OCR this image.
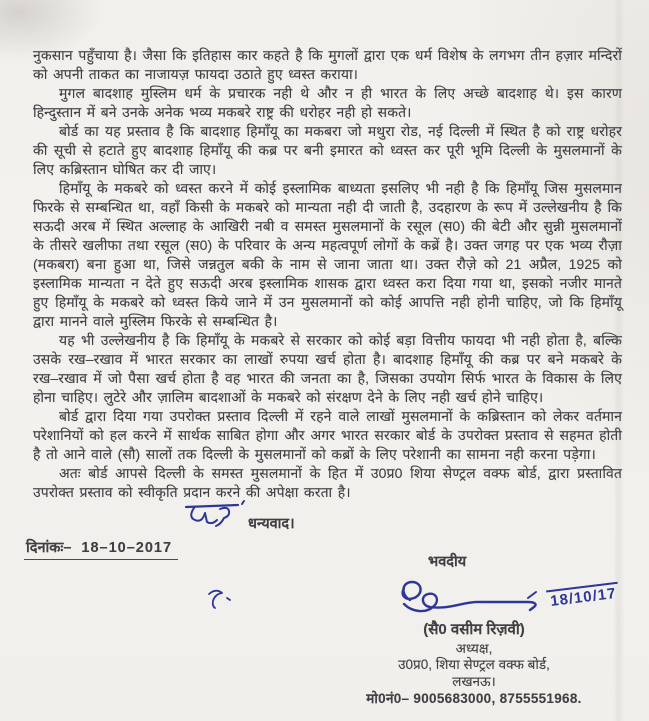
नुकसान पहुँचाया है। जैसा कि इतिहास कार कहते है कि मुगलों द्वारा एक धर्म विशेष के लगभग तीन हज़ार मन्दिरों को अपनी ताकत का नाजायज़ फायदा उठाते हुए ध्वस्त कराया।

मुगल बादशाह मुस्लिम धर्म के प्रचारक नही थे और न ही भारत के लिए अच्छे बादशाह थे। इस कारण हिन्दुस्तान में बने उनके अनेक भव्य मकबरे राष्ट्र की धरोहर नही हो सकते।

बोर्ड का यह प्रस्ताव है कि बादशाह हिमाँयू का मकबरा जो मथुरा रोड, नई दिल्ली में स्थित है को राष्ट्र धरोहर की सूची से हटाते हुए बादशाह हिमाँयू की कब्र पर बनी इमारत को ध्वस्त कर पूरी भूमि दिल्ली के मुसलमानों के लिए कब्रिस्तान घोषित कर दी जाए।

हिमाँयू के मकबरे को ध्वस्त करने में कोई इस्लामिक बाध्यता इसलिए भी नही है कि हिमाँयू जिस मुसलमान फिरके से सम्बन्धित था, वहाँ किसी के मकबरे को मान्यता नही दी जाती है, उदहारण के रूप में उल्लेखनीय है कि सऊदी अरब में स्थित अल्लाह के आखिरी नबी व समस्त मुसलमानों के रसूल (स0) की बेटी और सुन्नी मुसलमानों के तीसरे खलीफा तथा रसूल (स0) के परिवार के अन्य महत्वपूर्ण लोगों के कब्रें है। उक्त जगह पर एक भव्य रौज़ा (मकबरा) बना हुआ था, जिसे जन्नतुल बकी के नाम से जाना जाता था। उक्त रौज़े को 21 अप्रैल, 1925 को इस्लामिक मान्यता न देते हुए सऊदी अरब इस्लामिक शासक द्वारा ध्वस्त करा दिया गया था, इसको नजीर मानते हुए हिमाँयू के मकबरे को ध्वस्त किये जाने में उन मुसलमानों को कोई आपत्ति नही होनी चाहिए, जो कि हिमाँयू द्वारा मानने वाले मुस्लिम फिरके से सम्बन्धित है।

यह भी उल्लेखनीय है कि हिमाँयू के मकबरे से सरकार को कोई बड़ा वित्तीय फायदा भी नही होता है, बल्कि उसके रख–रखाव में भारत सरकार का लाखों रुपया खर्च होता है। बादशाह हिमाँयू की कब्र पर बने मकबरे के रख–रखाव में जो पैसा खर्च होता है वह भारत की जनता का है, जिसका उपयोग सिर्फ भारत के विकास के लिए होना चाहिए। लुटेरे और ज़ालिम बादशाओं के मकबरे को संरक्षण देने के लिए नही खर्च होने चाहिए।

बोर्ड द्वारा दिया गया उपरोक्त प्रस्ताव दिल्ली में रहने वाले लाखों मुसलमानों के कब्रिस्तान को लेकर वर्तमान परेशानियों को हल करने में सार्थक साबित होगा और अगर भारत सरकार बोर्ड के उपरोक्त प्रस्ताव से सहमत होती है तो आने वाले (सौ) सालों तक दिल्ली के मुसलमानों को कब्रों के लिए परेशानी का सामना नही करना पड़ेगा।

अतः बोर्ड आपसे दिल्ली के समस्त मुसलमानों के हित में उ0प्र0 शिया सेण्ट्रल वक्फ बोर्ड, द्वारा प्रस्तावित उपरोक्त प्रस्ताव को स्वीकृति प्रदान करने की अपेक्षा करता है।

धन्यवाद।
दिनांकः– 18–10–2017
भवदीय
18/10/17
(सै0 वसीम रिज़वी)
अध्यक्ष,
उ0प्र0, शिया सेण्ट्रल वक्फ बोर्ड,
लखनऊ।
मो0नं0– 9005683000, 8755551968.
